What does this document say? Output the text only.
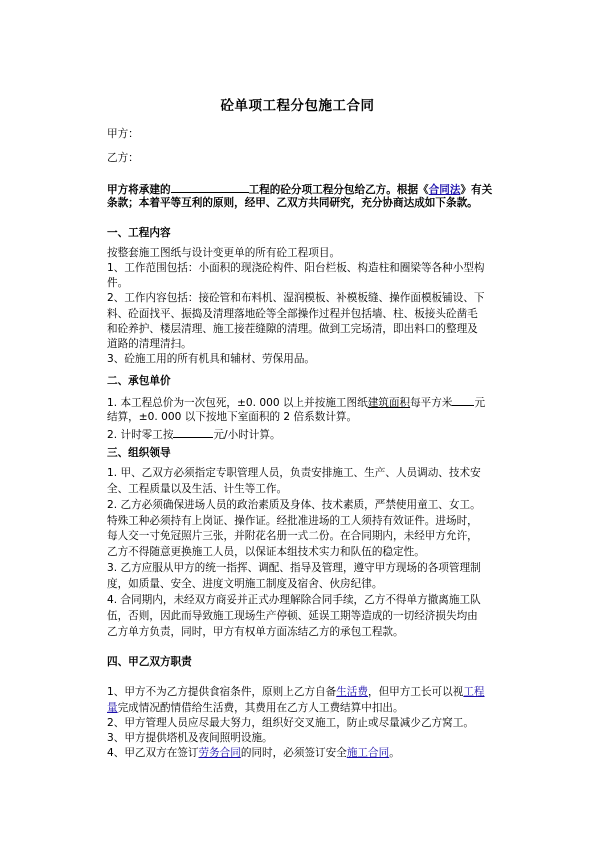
砼单项工程分包施工合同
甲方：
乙方：
甲方将承建的	工程的砼分项工程分包给乙方。根据《合同法》有关
条款；本着平等互利的原则，经甲、乙双方共同研究，充分协商达成如下条款。
一、工程内容
按整套施工图纸与设计变更单的所有砼工程项目。
1、工作范围包括：小面积的现浇砼构件、阳台栏板、构造柱和圈梁等各种小型构
件。
2、工作内容包括：接砼管和布料机、湿润模板、补模板缝、操作面模板铺设、下
料、砼面找平、振捣及清理落地砼等全部操作过程并包括墙、柱、板接头砼凿毛
和砼养护、楼层清理、施工接茬缝隙的清理。做到工完场清，即出料口的整理及
道路的清理清扫。
3、砼施工用的所有机具和辅材、劳保用品。
二、承包单价
1. 本工程总价为一次包死，±0. 000 以上并按施工图纸建筑面积每平方米 元
结算，±0. 000 以下按地下室面积的 2 倍系数计算。
2. 计时零工按	元/小时计算。
三、组织领导
1. 甲、乙双方必须指定专职管理人员，负责安排施工、生产、人员调动、技术安
全、工程质量以及生活、计生等工作。
2. 乙方必须确保进场人员的政治素质及身体、技术素质，严禁使用童工、女工。
特殊工种必须持有上岗证、操作证。经批准进场的工人须持有效证件。进场时，
每人交一寸免冠照片三张，并附花名册一式二份。在合同期内，未经甲方允许，
乙方不得随意更换施工人员，以保证本组技术实力和队伍的稳定性。
3. 乙方应服从甲方的统一指挥、调配、指导及管理，遵守甲方现场的各项管理制
度，如质量、安全、进度文明施工制度及宿舍、伙房纪律。
4. 合同期内，未经双方商妥并正式办理解除合同手续，乙方不得单方撤离施工队
伍，否则，因此而导致施工现场生产停顿、延误工期等造成的一切经济损失均由
乙方单方负责，同时，甲方有权单方面冻结乙方的承包工程款。
四、甲乙双方职责
1、甲方不为乙方提供食宿条件，原则上乙方自备生活费，但甲方工长可以视工程
量完成情况酌情借给生活费，其费用在乙方人工费结算中扣出。
2、甲方管理人员应尽最大努力，组织好交叉施工，防止或尽量减少乙方窝工。
3、甲方提供塔机及夜间照明设施。
4、甲乙双方在签订劳务合同的同时，必须签订安全施工合同。
